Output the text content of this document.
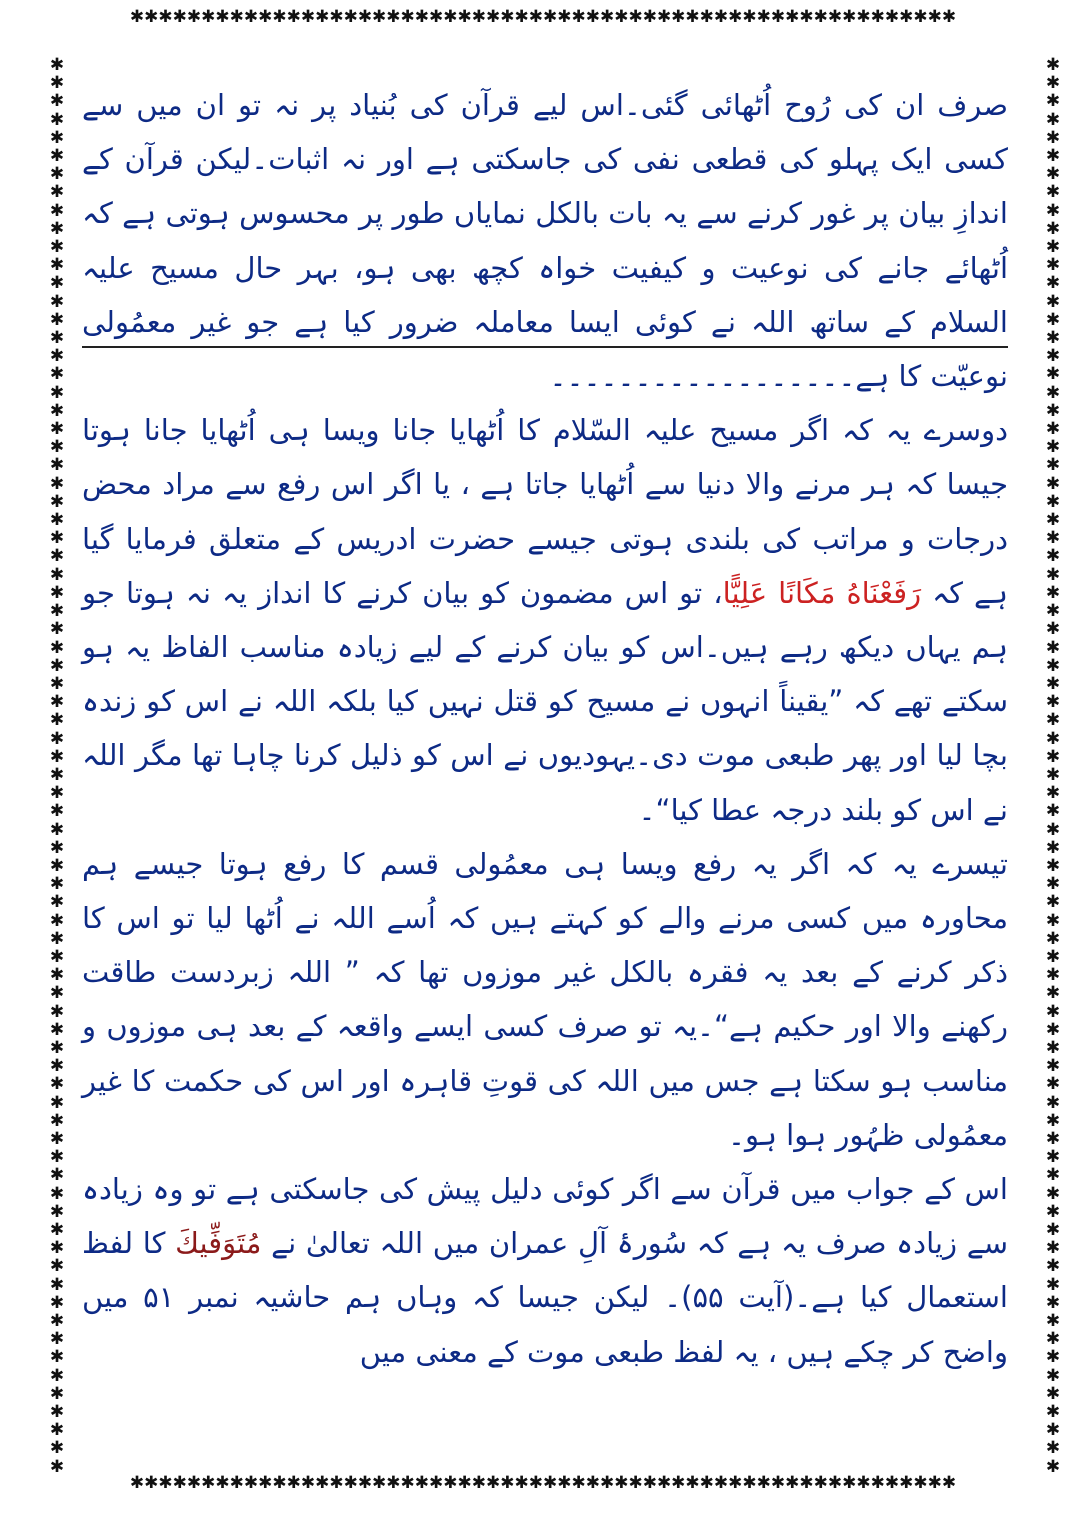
✱✱✱✱✱✱✱✱✱✱✱✱✱✱✱✱✱✱✱✱✱✱✱✱✱✱✱✱✱✱✱✱✱✱✱✱✱✱✱✱✱✱✱✱✱✱✱✱✱✱✱✱✱✱✱✱✱✱
✱✱✱✱✱✱✱✱✱✱✱✱✱✱✱✱✱✱✱✱✱✱✱✱✱✱✱✱✱✱✱✱✱✱✱✱✱✱✱✱✱✱✱✱✱✱✱✱✱✱✱✱✱✱✱✱✱✱
✱
✱
✱
✱
✱
✱
✱
✱
✱
✱
✱
✱
✱
✱
✱
✱
✱
✱
✱
✱
✱
✱
✱
✱
✱
✱
✱
✱
✱
✱
✱
✱
✱
✱
✱
✱
✱
✱
✱
✱
✱
✱
✱
✱
✱
✱
✱
✱
✱
✱
✱
✱
✱
✱
✱
✱
✱
✱
✱
✱
✱
✱
✱
✱
✱
✱
✱
✱
✱
✱
✱
✱
✱
✱
✱
✱
✱
✱
✱
✱
✱
✱
✱
✱
✱
✱
✱
✱
✱
✱
✱
✱
✱
✱
✱
✱
✱
✱
✱
✱
✱
✱
✱
✱
✱
✱
✱
✱
✱
✱
✱
✱
✱
✱
✱
✱
✱
✱
✱
✱
✱
✱
✱
✱
✱
✱
✱
✱
✱
✱
✱
✱
✱
✱
✱
✱
✱
✱
✱
✱
✱
✱
✱
✱
✱
✱
✱
✱
✱
✱
✱
✱
✱
✱
✱
✱

صرف ان کی رُوح اُٹھائی گئی۔اس لیے قرآن کی بُنیاد پر نہ تو ان میں سے کسی ایک پہلو کی قطعی نفی کی جاسکتی ہے اور نہ اثبات۔لیکن قرآن کے اندازِ بیان پر غور کرنے سے یہ بات بالکل نمایاں طور پر محسوس ہوتی ہے کہ اُٹھائے جانے کی نوعیت و کیفیت خواہ کچھ بھی ہو، بہر حال مسیح علیہ السلام کے ساتھ اللہ نے کوئی ایسا معاملہ ضرور کیا ہے جو غیر معمُولی نوعیّت کا ہے۔۔۔۔۔۔۔۔۔۔۔۔۔۔۔۔۔۔

دوسرے یہ کہ اگر مسیح علیہ السّلام کا اُٹھایا جانا ویسا ہی اُٹھایا جانا ہوتا جیسا کہ ہر مرنے والا دنیا سے اُٹھایا جاتا ہے ، یا اگر اس رفع سے مراد محض درجات و مراتب کی بلندی ہوتی جیسے حضرت ادریس کے متعلق فرمایا گیا ہے کہ رَفَعْنَاهُ مَكَانًا عَلِيًّا، تو اس مضمون کو بیان کرنے کا انداز یہ نہ ہوتا جو ہم یہاں دیکھ رہے ہیں۔اس کو بیان کرنے کے لیے زیادہ مناسب الفاظ یہ ہو سکتے تھے کہ ”یقیناً انہوں نے مسیح کو قتل نہیں کیا بلکہ اللہ نے اس کو زندہ بچا لیا اور پھر طبعی موت دی۔یہودیوں نے اس کو ذلیل کرنا چاہا تھا مگر اللہ نے اس کو بلند درجہ عطا کیا“۔

تیسرے یہ کہ اگر یہ رفع ویسا ہی معمُولی قسم کا رفع ہوتا جیسے ہم محاورہ میں کسی مرنے والے کو کہتے ہیں کہ اُسے اللہ نے اُٹھا لیا تو اس کا ذکر کرنے کے بعد یہ فقرہ بالکل غیر موزوں تھا کہ ” اللہ زبردست طاقت رکھنے والا اور حکیم ہے“۔یہ تو صرف کسی ایسے واقعہ کے بعد ہی موزوں و مناسب ہو سکتا ہے جس میں اللہ کی قوتِ قاہرہ اور اس کی حکمت کا غیر معمُولی ظہُور ہوا ہو۔

اس کے جواب میں قرآن سے اگر کوئی دلیل پیش کی جاسکتی ہے تو وہ زیادہ سے زیادہ صرف یہ ہے کہ سُورۂ آلِ عمران میں اللہ تعالیٰ نے مُتَوَفِّيكَ کا لفظ استعمال کیا ہے۔(آیت ۵۵)۔ لیکن جیسا کہ وہاں ہم حاشیہ نمبر ۵۱ میں واضح کر چکے ہیں ، یہ لفظ طبعی موت کے معنی میں
